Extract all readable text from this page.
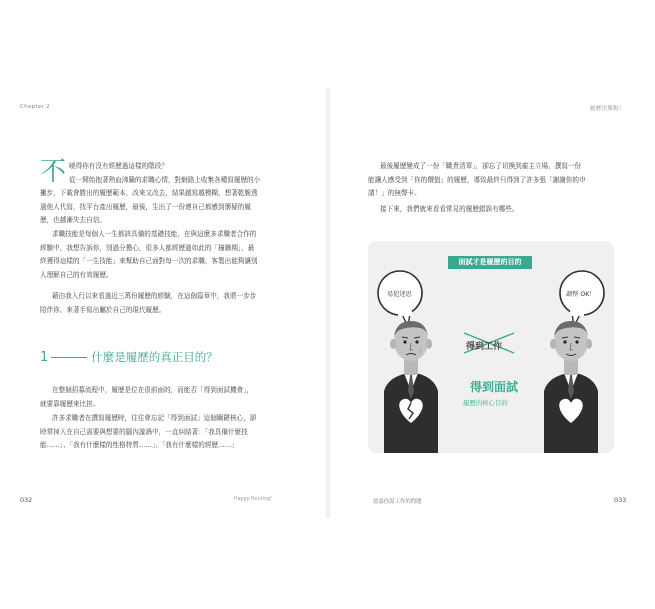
Chapter 2	履歷決勝點！
不 曉得你有沒有經歷過這樣的階段？

從一開始抱著熱血沸騰的求職心情，對網路上收集各種寫履歷的小

撇步，下載會勝出的履歷範本，改來又改去，結果越寫越模糊，想著乾脆透

過他人代寫，找平台產出履歷，最後，生出了一份連自己都感到懷疑的履

歷，也越漸失去自信。

求職技能是每個人一生都該具備的基礎技能，在與這麼多求職者合作的

經驗中，我想告訴你，別過分擔心，很多人都經歷過如此的「撞牆期」，最

終獲得這樣的「一生技能」來幫助自己面對每一次的求職，客製出能夠讓別

人理解自己的有效履歷。

藉由我入行以來看過近三萬份履歷的經驗，在這個篇章中，我將一步步

陪伴你，來著手寫出屬於自己的現代履歷。

1	什麼是履歷的真正目的？

在整個招募流程中，履歷是位在很前面的，而能否「得到面試機會」，

就要靠履歷來比拼。

許多求職者在撰寫履歷時，往往會忘記「得到面試」這個關鍵核心，卻

時常掉入在自己需要與想要的腦內漩渦中，一直糾結著：「我具備什麼技

能……」、「我有什麼樣的性格特質……」、「我有什麼樣的經歷……」

032	Happy Hunting!

最後履歷變成了一份「職責清單」，卻忘了切換到雇主立場，撰寫一份

能讓人感受到「你的價值」的履歷，導致最終只得到了許多張「謝謝你的申

請！」的無聲卡。

接下來，我們就來看看常見的履歷錯誤有哪些。

面試才是履歷的目的
易犯迷思	調整 OK！
得到工作
得到面試
履歷的核心目的
億嘉你說工作的問題	033
